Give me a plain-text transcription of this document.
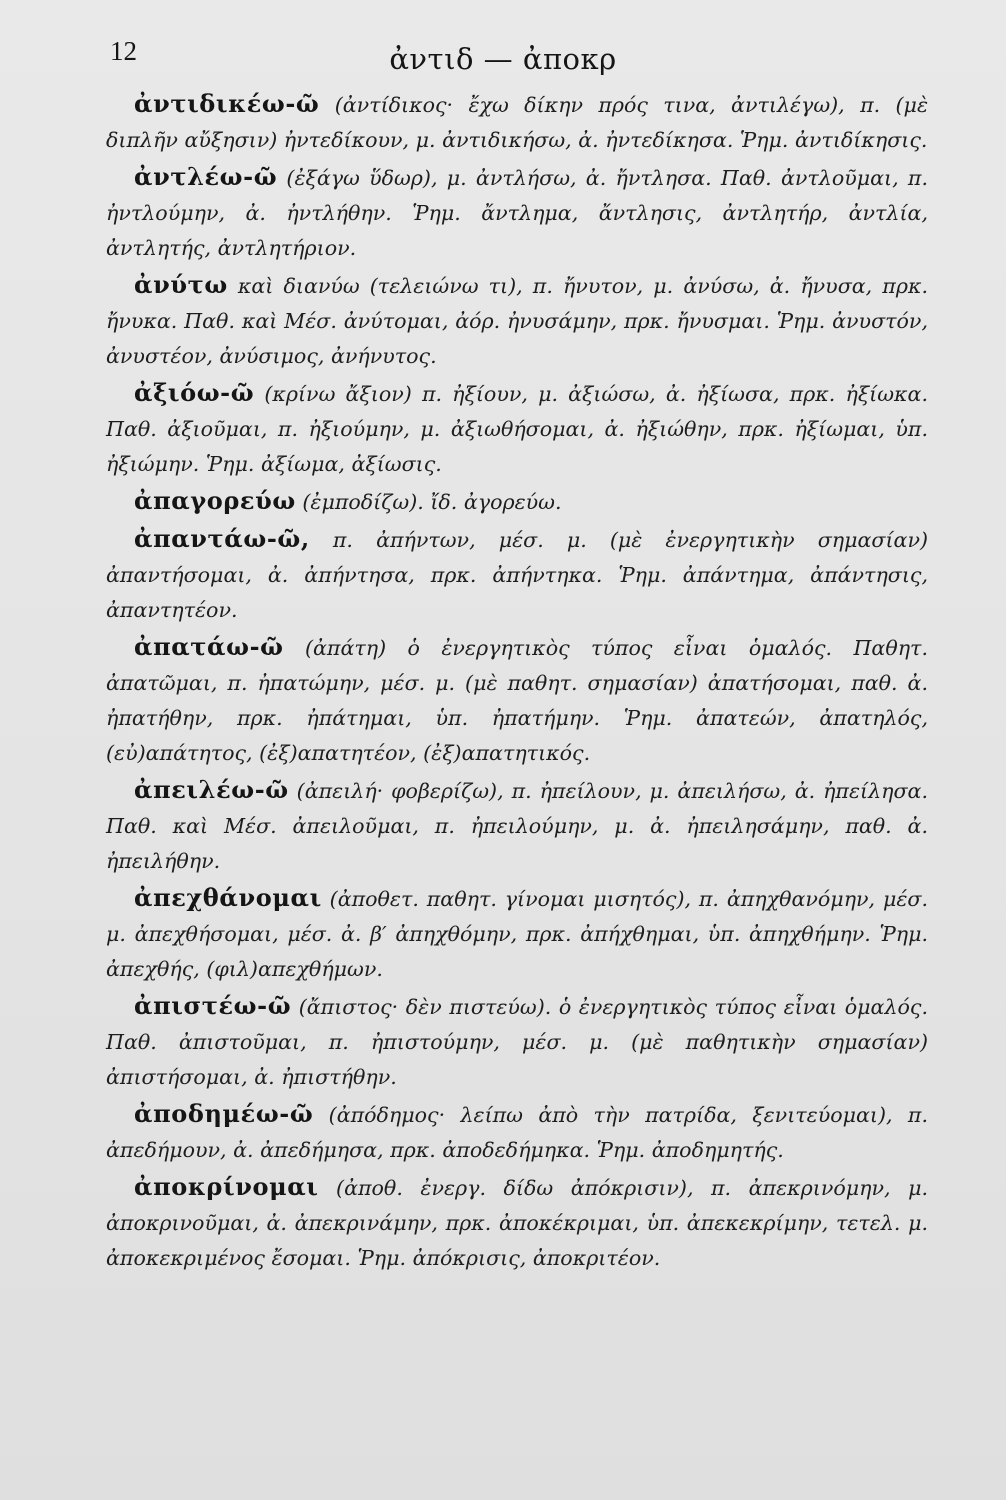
12	ἀντιδ — ἀποκρ

ἀντιδικέω-ῶ (ἀντίδικος· ἔχω δίκην πρός τινα, ἀντιλέγω), π. (μὲ διπλῆν αὔξησιν) ἠντεδίκουν, μ. ἀντιδικήσω, ἀ. ἠντεδίκησα. Ῥημ. ἀντιδίκησις.

ἀντλέω-ῶ (ἐξάγω ὕδωρ), μ. ἀντλήσω, ἀ. ἤντλησα. Παθ. ἀντλοῦμαι, π. ἠντλούμην, ἀ. ἠντλήθην. Ῥημ. ἄντλημα, ἄντλησις, ἀντλητήρ, ἀντλία, ἀντλητής, ἀντλητήριον.

ἀνύτω καὶ διανύω (τελειώνω τι), π. ἤνυτον, μ. ἀνύσω, ἀ. ἤνυσα, πρκ. ἤνυκα. Παθ. καὶ Μέσ. ἀνύτομαι, ἀόρ. ἠνυσάμην, πρκ. ἤνυσμαι. Ῥημ. ἀνυστόν, ἀνυστέον, ἀνύσιμος, ἀνήνυτος.

ἀξιόω-ῶ (κρίνω ἄξιον) π. ἠξίουν, μ. ἀξιώσω, ἀ. ἠξίωσα, πρκ. ἠξίωκα. Παθ. ἀξιοῦμαι, π. ἠξιούμην, μ. ἀξιωθήσομαι, ἀ. ἠξιώθην, πρκ. ἠξίωμαι, ὑπ. ἠξιώμην. Ῥημ. ἀξίωμα, ἀξίωσις.

ἀπαγορεύω (ἐμποδίζω). ἴδ. ἀγορεύω.

ἀπαντάω-ῶ, π. ἀπήντων, μέσ. μ. (μὲ ἐνεργητικὴν σημασίαν) ἀπαντήσομαι, ἀ. ἀπήντησα, πρκ. ἀπήντηκα. Ῥημ. ἀπάντημα, ἀπάντησις, ἀπαντητέον.

ἀπατάω-ῶ (ἀπάτη) ὁ ἐνεργητικὸς τύπος εἶναι ὁμαλός. Παθητ. ἀπατῶμαι, π. ἠπατώμην, μέσ. μ. (μὲ παθητ. σημασίαν) ἀπατήσομαι, παθ. ἀ. ἠπατήθην, πρκ. ἠπάτημαι, ὑπ. ἠπατήμην. Ῥημ. ἀπατεών, ἀπατηλός, (εὐ)απάτητος, (ἐξ)απατητέον, (ἐξ)απατητικός.

ἀπειλέω-ῶ (ἀπειλή· φοβερίζω), π. ἠπείλουν, μ. ἀπειλήσω, ἀ. ἠπείλησα. Παθ. καὶ Μέσ. ἀπειλοῦμαι, π. ἠπειλούμην, μ. ἀ. ἠπειλησάμην, παθ. ἀ. ἠπειλήθην.

ἀπεχθάνομαι (ἀποθετ. παθητ. γίνομαι μισητός), π. ἀπηχθανόμην, μέσ. μ. ἀπεχθήσομαι, μέσ. ἀ. β′ ἀπηχθόμην, πρκ. ἀπήχθημαι, ὑπ. ἀπηχθήμην. Ῥημ. ἀπεχθής, (φιλ)απεχθήμων.

ἀπιστέω-ῶ (ἄπιστος· δὲν πιστεύω). ὁ ἐνεργητικὸς τύπος εἶναι ὁμαλός. Παθ. ἀπιστοῦμαι, π. ἠπιστούμην, μέσ. μ. (μὲ παθητικὴν σημασίαν) ἀπιστήσομαι, ἀ. ἠπιστήθην.

ἀποδημέω-ῶ (ἀπόδημος· λείπω ἀπὸ τὴν πατρίδα, ξενιτεύομαι), π. ἀπεδήμουν, ἀ. ἀπεδήμησα, πρκ. ἀποδεδήμηκα. Ῥημ. ἀποδημητής.

ἀποκρίνομαι (ἀποθ. ἐνεργ. δίδω ἀπόκρισιν), π. ἀπεκρινόμην, μ. ἀποκρινοῦμαι, ἀ. ἀπεκρινάμην, πρκ. ἀποκέκριμαι, ὑπ. ἀπεκεκρίμην, τετελ. μ. ἀποκεκριμένος ἔσομαι. Ῥημ. ἀπόκρισις, ἀποκριτέον.
